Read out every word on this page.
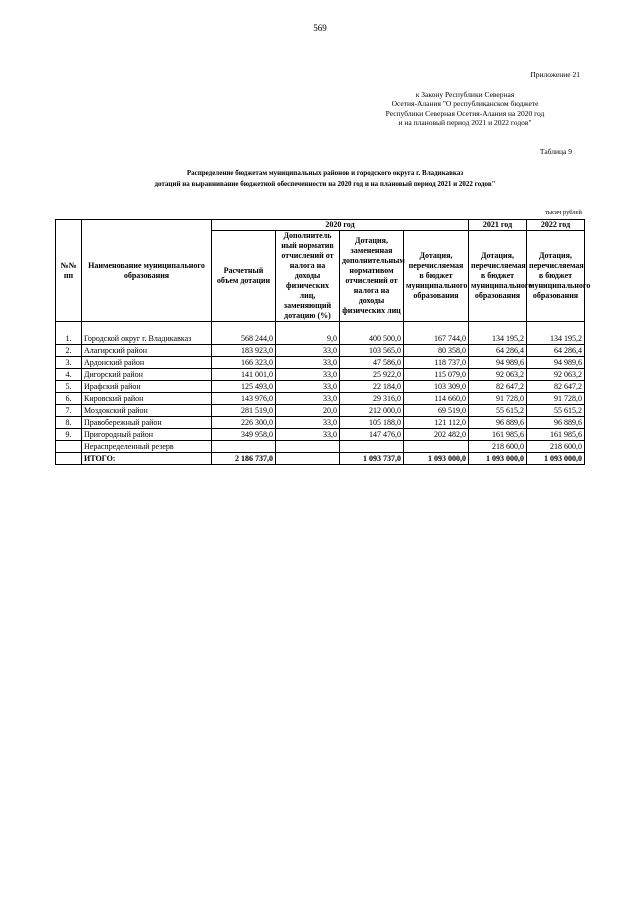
569
Приложение 21
к Закону Республики Северная
Осетия-Алания "О республиканском бюджете
Республики Северная Осетия-Алания на 2020 год
и на плановый период 2021 и 2022 годов"
Таблица 9
Распределение бюджетам муниципальных районов и городского округа г. Владикавказ
дотаций на выравнивание бюджетной обеспеченности на 2020 год и на плановый период 2021 и 2022 годов"
тысяч рублей
№№ пп	Наименование муниципального образования	2020 год				2021 год	2022 год
		Расчетный объем дотации	Дополнитель ный норматив отчислений от налога на доходы физических лиц, заменяющий дотацию (%)	Дотация, замененная дополнительным нормативом отчислений от налога на доходы физических лиц	Дотация, перечисляемая в бюджет муниципального образования	Дотация, перечисляемая в бюджет муниципального образования	Дотация, перечисляемая в бюджет муниципального образования
1.	Городской округ г. Владикавказ	568 244,0	9,0	400 500,0	167 744,0	134 195,2	134 195,2
2.	Алагирский район	183 923,0	33,0	103 565,0	80 358,0	64 286,4	64 286,4
3.	Ардонский район	166 323,0	33,0	47 586,0	118 737,0	94 989,6	94 989,6
4.	Дигорский район	141 001,0	33,0	25 922,0	115 079,0	92 063,2	92 063,2
5.	Ирафский район	125 493,0	33,0	22 184,0	103 309,0	82 647,2	82 647,2
6.	Кировский район	143 976,0	33,0	29 316,0	114 660,0	91 728,0	91 728,0
7.	Моздокский район	281 519,0	20,0	212 000,0	69 519,0	55 615,2	55 615,2
8.	Правобережный район	226 300,0	33,0	105 188,0	121 112,0	96 889,6	96 889,6
9.	Пригородный район	349 958,0	33,0	147 476,0	202 482,0	161 985,6	161 985,6
	Нераспределенный резерв					218 600,0	218 600,0
	ИТОГО:	2 186 737,0		1 093 737,0	1 093 000,0	1 093 000,0	1 093 000,0
